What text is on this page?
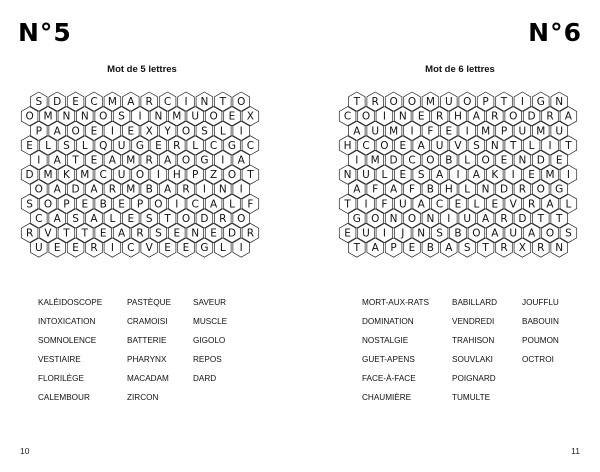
N°5
Mot de 5 lettres
S D E C M A R C I N T O
O M N N O S I N M U O E X
P A O E I E X Y O S L I
E L S L Q U G E R L C G C
I A T E A M R A O G I A
D M K M C U O I H P Z O T
O A D A R M B A R I N I
S O P E B E P O I C A L F
C A S A L E S T O D R O
R V T T E A R S E N E D R
U E E R I C V E E G L I
KALÉIDOSCOPE
INTOXICATION
SOMNOLENCE
VESTIAIRE
FLORILÈGE
CALEMBOUR
PASTÈQUE
CRAMOISI
BATTERIE
PHARYNX
MACADAM
ZIRCON
SAVEUR
MUSCLE
GIGOLO
REPOS
DARD
10
N°6
Mot de 6 lettres
T R O O M U O P T I G N
C O I N E R H A R O D R A
A U M I F E I M P U M U
H C O E A U V S N T L I T
I M D C O B L O E N D E
N U L E S A I A K I E M I
A F A F B H L N D R O G
T I F U A C E L E V R A L
G O N O N I U A R D T T
E U I J N S B O A U A O S
T A P E B A S T R X R N
MORT-AUX-RATS
DOMINATION
NOSTALGIE
GUET-APENS
FACE-À-FACE
CHAUMIÈRE
BABILLARD
VENDREDI
TRAHISON
SOUVLAKI
POIGNARD
TUMULTE
JOUFFLU
BABOUIN
POUMON
OCTROI
11
